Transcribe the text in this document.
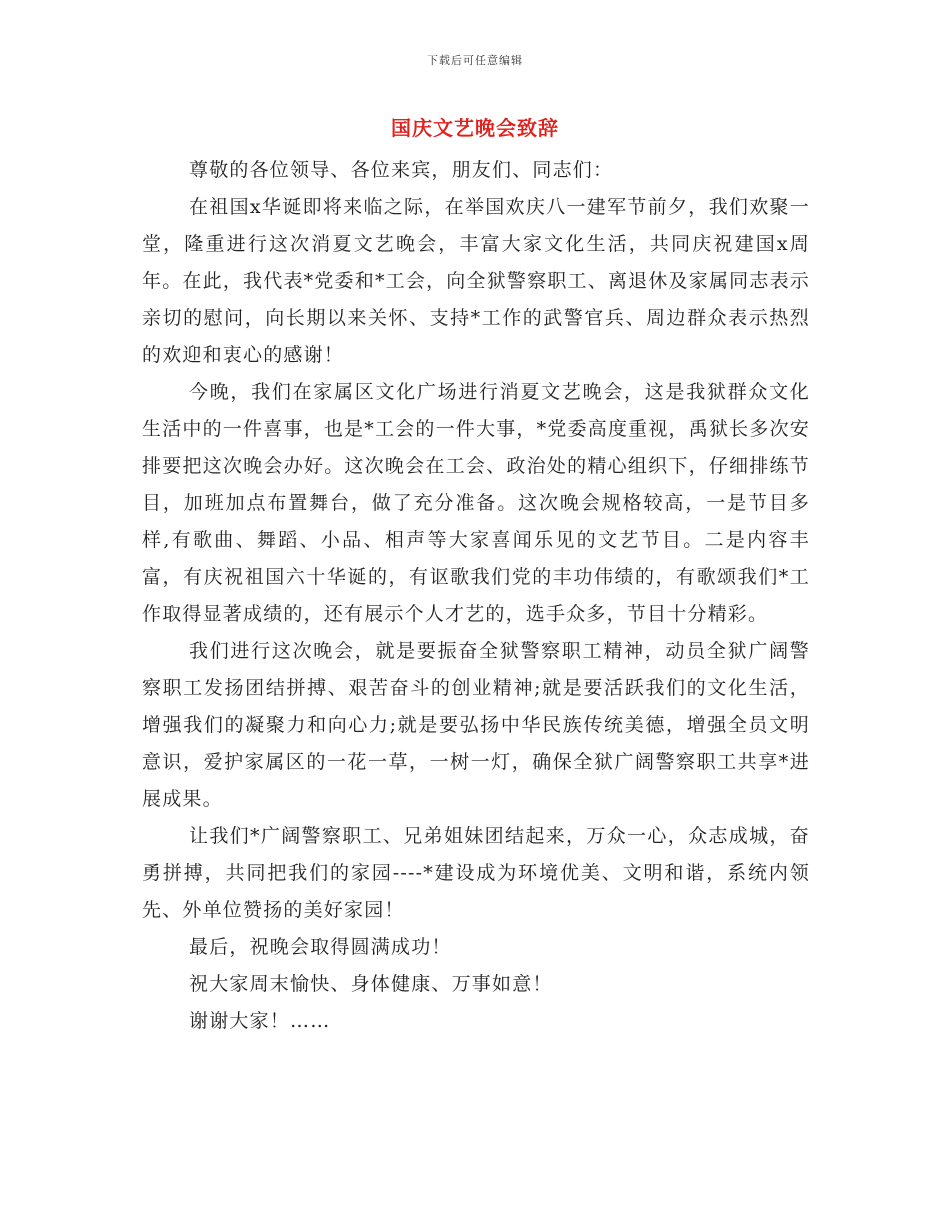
下载后可任意编辑
国庆文艺晚会致辞

尊敬的各位领导、各位来宾，朋友们、同志们：

在祖国x华诞即将来临之际，在举国欢庆八一建军节前夕，我们欢聚一堂，隆重进行这次消夏文艺晚会，丰富大家文化生活，共同庆祝建国x周年。在此，我代表*党委和*工会，向全狱警察职工、离退休及家属同志表示亲切的慰问，向长期以来关怀、支持*工作的武警官兵、周边群众表示热烈的欢迎和衷心的感谢！

今晚，我们在家属区文化广场进行消夏文艺晚会，这是我狱群众文化生活中的一件喜事，也是*工会的一件大事，*党委高度重视，禹狱长多次安排要把这次晚会办好。这次晚会在工会、政治处的精心组织下，仔细排练节目，加班加点布置舞台，做了充分准备。这次晚会规格较高，一是节目多样,有歌曲、舞蹈、小品、相声等大家喜闻乐见的文艺节目。二是内容丰富，有庆祝祖国六十华诞的，有讴歌我们党的丰功伟绩的，有歌颂我们*工作取得显著成绩的，还有展示个人才艺的，选手众多，节目十分精彩。

我们进行这次晚会，就是要振奋全狱警察职工精神，动员全狱广阔警察职工发扬团结拼搏、艰苦奋斗的创业精神;就是要活跃我们的文化生活，增强我们的凝聚力和向心力;就是要弘扬中华民族传统美德，增强全员文明意识，爱护家属区的一花一草，一树一灯，确保全狱广阔警察职工共享*进展成果。

让我们*广阔警察职工、兄弟姐妹团结起来，万众一心，众志成城，奋勇拼搏，共同把我们的家园----*建设成为环境优美、文明和谐，系统内领先、外单位赞扬的美好家园！

最后，祝晚会取得圆满成功！

祝大家周末愉快、身体健康、万事如意！

谢谢大家！……
